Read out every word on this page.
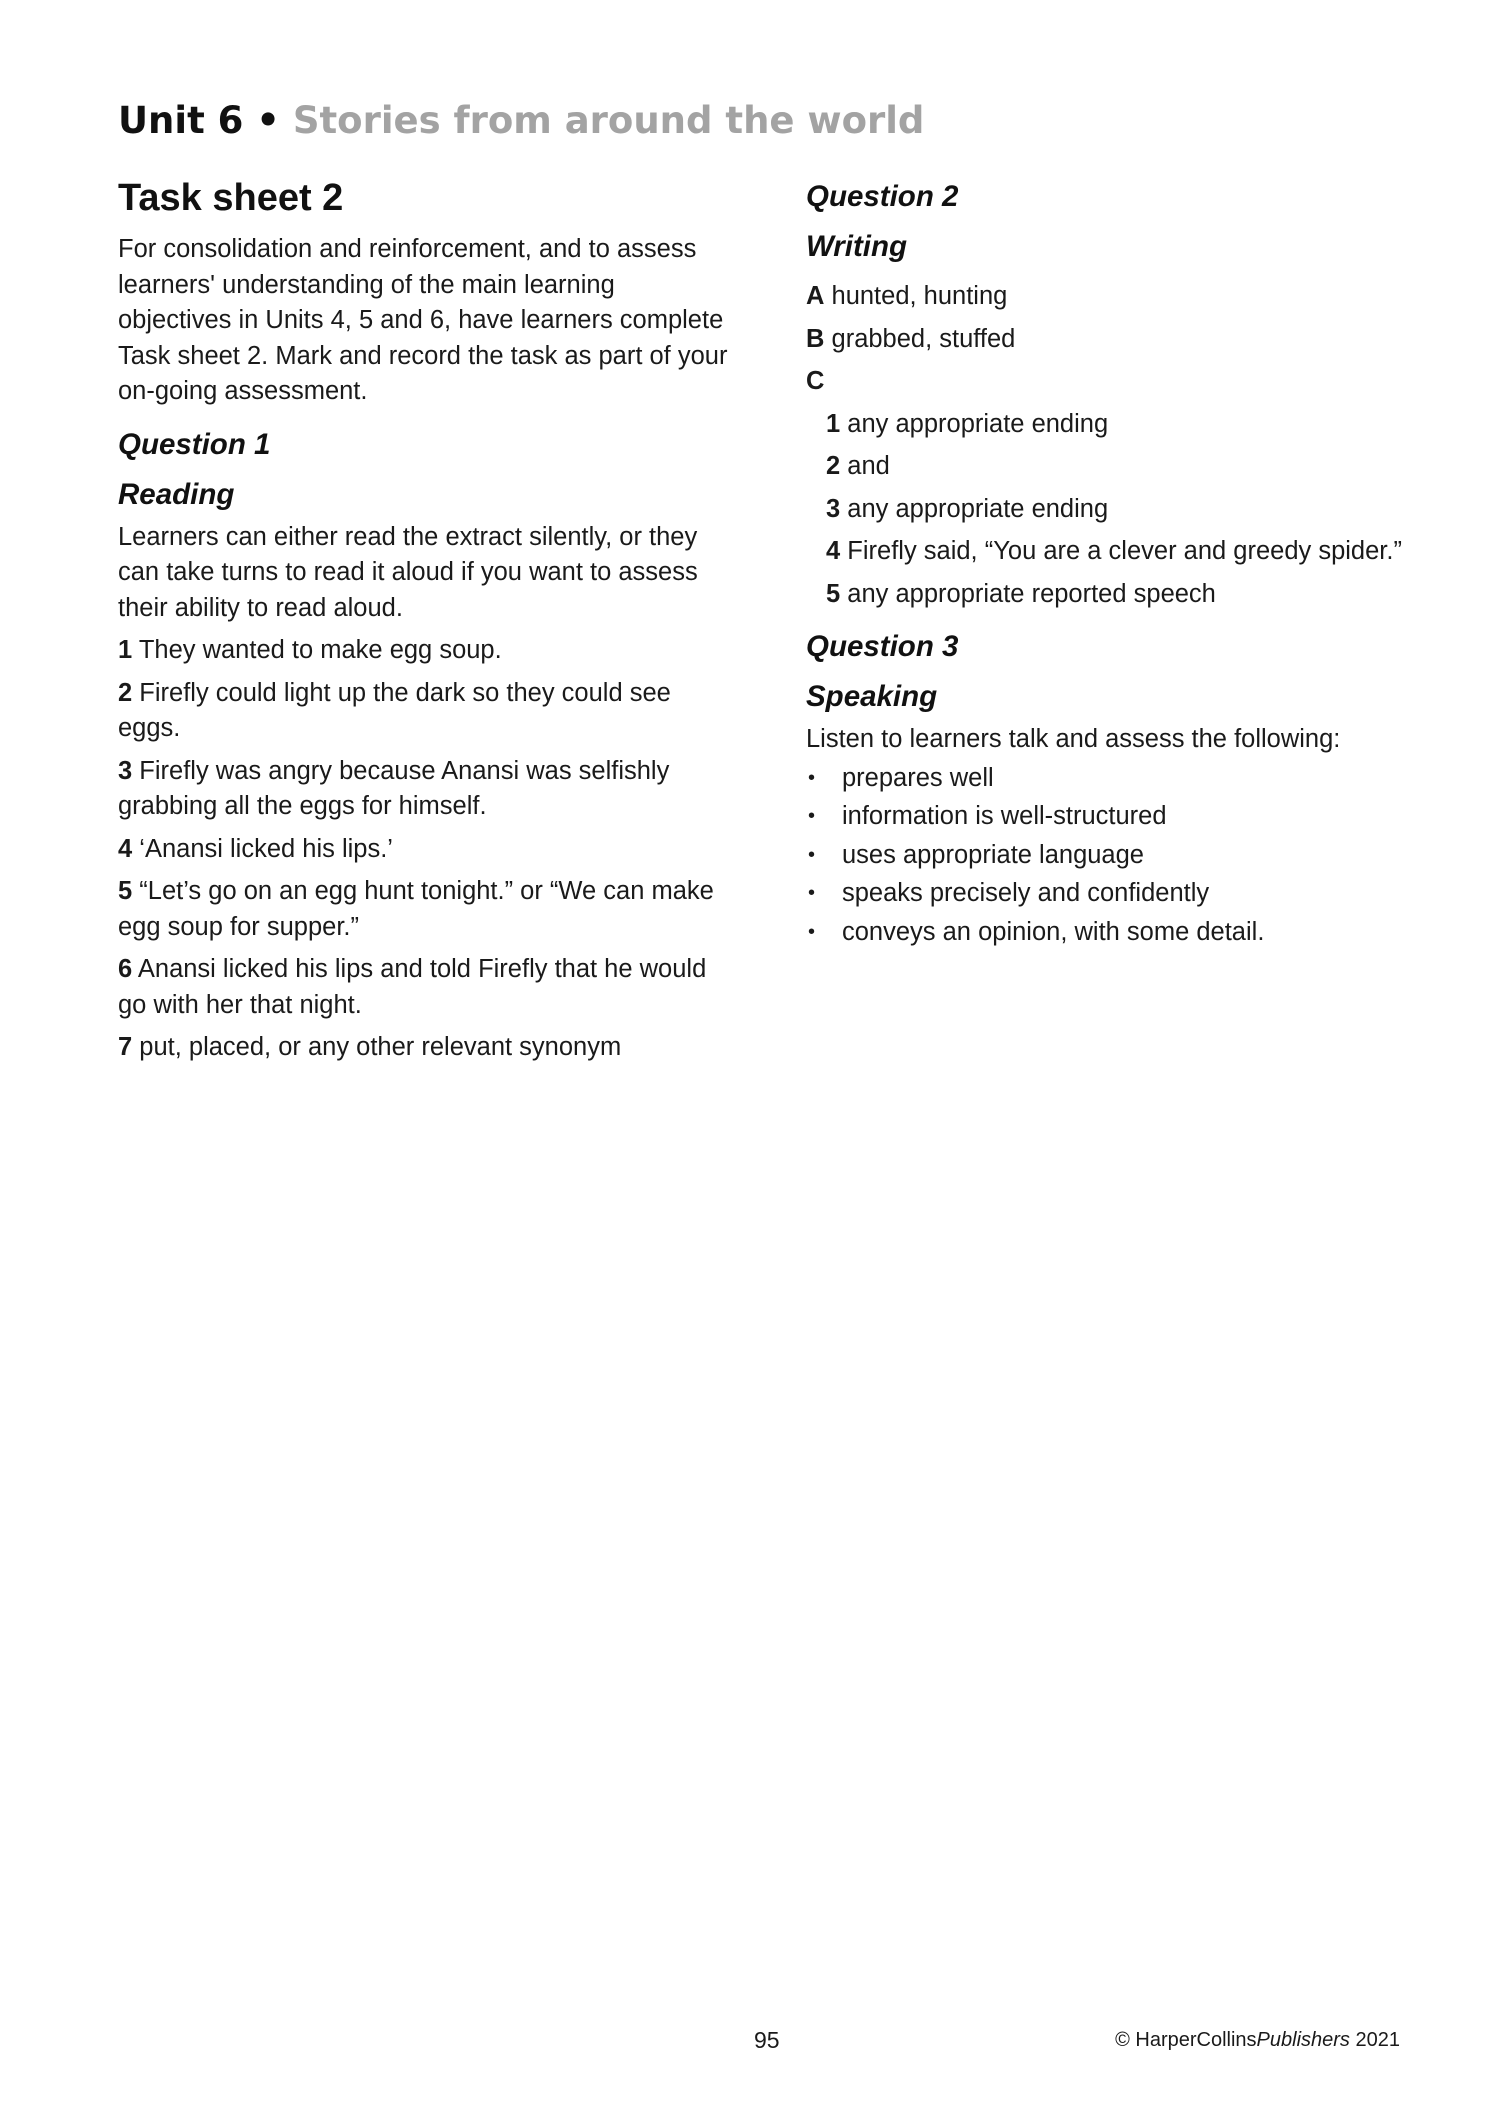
Unit 6 • Stories from around the world
Task sheet 2

For consolidation and reinforcement, and to assess learners' understanding of the main learning objectives in Units 4, 5 and 6, have learners complete Task sheet 2. Mark and record the task as part of your on-going assessment.

Question 1
Reading

Learners can either read the extract silently, or they can take turns to read it aloud if you want to assess their ability to read aloud.

1 They wanted to make egg soup.

2 Firefly could light up the dark so they could see eggs.

3 Firefly was angry because Anansi was selfishly grabbing all the eggs for himself.

4 ‘Anansi licked his lips.’

5 “Let’s go on an egg hunt tonight.” or “We can make egg soup for supper.”

6 Anansi licked his lips and told Firefly that he would go with her that night.

7 put, placed, or any other relevant synonym

Question 2
Writing

A hunted, hunting

B grabbed, stuffed

C

1 any appropriate ending

2 and

3 any appropriate ending

4 Firefly said, “You are a clever and greedy spider.”

5 any appropriate reported speech

Question 3
Speaking

Listen to learners talk and assess the following:

• prepares well
• information is well-structured
• uses appropriate language
• speaks precisely and confidently
• conveys an opinion, with some detail.
95	© HarperCollinsPublishers 2021
